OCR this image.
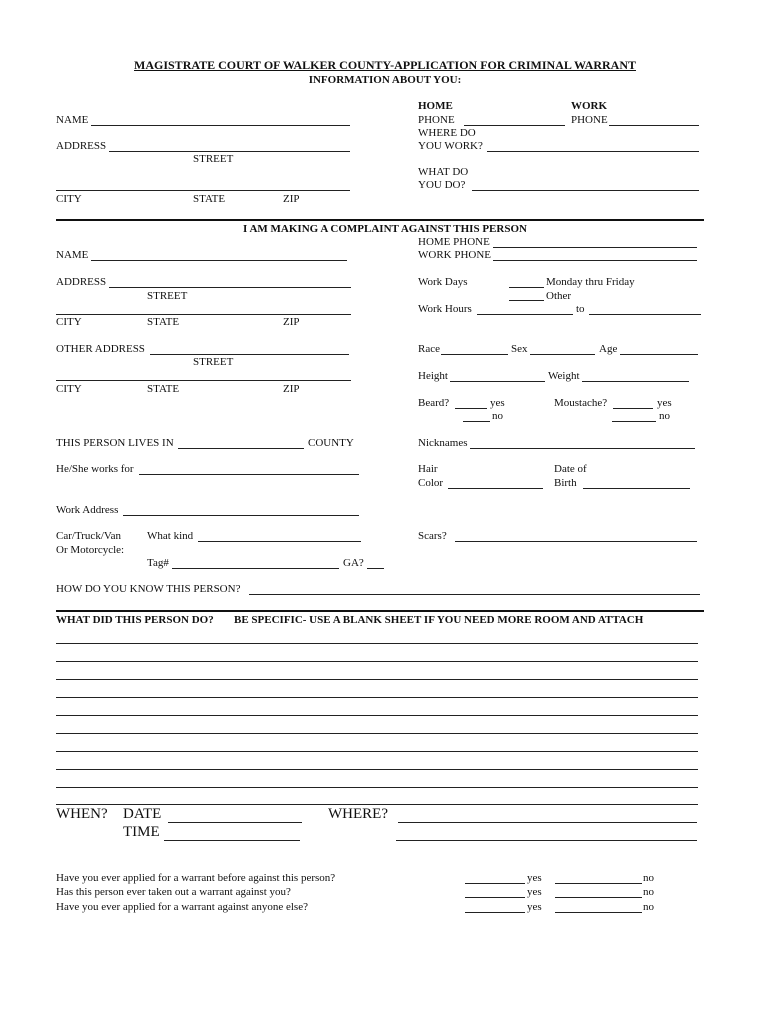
MAGISTRATE COURT OF WALKER COUNTY-APPLICATION FOR CRIMINAL WARRANT
INFORMATION ABOUT YOU:
NAME
ADDRESS
STREET
CITY	STATE	ZIP
HOME	WORK
PHONE	PHONE
WHERE DO
YOU WORK?
WHAT DO
YOU DO?
I AM MAKING A COMPLAINT AGAINST THIS PERSON
NAME
HOME PHONE
WORK PHONE
ADDRESS
STREET
CITY	STATE	ZIP
Work Days	Monday thru Friday
Other
Work Hours	to
OTHER ADDRESS
STREET
CITY	STATE	ZIP
Race	Sex	Age
Height	Weight
Beard?	yes
no
Moustache?	yes
no
THIS PERSON LIVES IN	COUNTY	Nicknames
He/She works for	Hair
Color
Date of
Birth
Work Address
Car/Truck/Van
Or Motorcycle:
What kind	Scars?
Tag#	GA?
HOW DO YOU KNOW THIS PERSON?
WHAT DID THIS PERSON DO? BE SPECIFIC- USE A BLANK SHEET IF YOU NEED MORE ROOM AND ATTACH
WHEN? DATE
TIME
WHERE?
Have you ever applied for a warrant before against this person?	yes	no
Has this person ever taken out a warrant against you?	yes	no
Have you ever applied for a warrant against anyone else?	yes	no
